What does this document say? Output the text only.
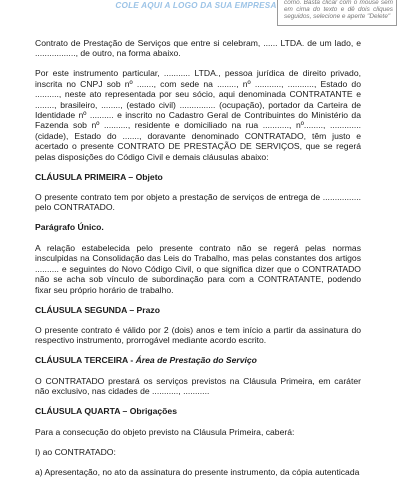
COLE AQUI A LOGO DA SUA EMPRESA	como. Basta clicar com o mouse sem em cima do texto e dê dois cliques seguidos, selecione e aperte "Delete"

Contrato de Prestação de Serviços que entre si celebram, ...... LTDA. de um lado, e ................., de outro, na forma abaixo.

Por este instrumento particular, ........... LTDA., pessoa jurídica de direito privado, inscrita no CNPJ sob nº ......., com sede na ........, nº ..........., ..........., Estado do .........., neste ato representada por seu sócio, aqui denominada CONTRATANTE e ........, brasileiro, ........, (estado civil) ............... (ocupação), portador da Carteira de Identidade nº .......... e inscrito no Cadastro Geral de Contribuintes do Ministério da Fazenda sob nº .........., residente e domiciliado na rua ..........., nº........, ............. (cidade), Estado do ......., doravante denominado CONTRATADO, têm justo e acertado o presente CONTRATO DE PRESTAÇÃO DE SERVIÇOS, que se regerá pelas disposições do Código Civil e demais cláusulas abaixo:

CLÁUSULA PRIMEIRA – Objeto

O presente contrato tem por objeto a prestação de serviços de entrega de ................ pelo CONTRATADO.

Parágrafo Único.

A relação estabelecida pelo presente contrato não se regerá pelas normas insculpidas na Consolidação das Leis do Trabalho, mas pelas constantes dos artigos .......... e seguintes do Novo Código Civil, o que significa dizer que o CONTRATADO não se acha sob vínculo de subordinação para com a CONTRATANTE, podendo fixar seu próprio horário de trabalho.

CLÁUSULA SEGUNDA – Prazo

O presente contrato é válido por 2 (dois) anos e tem início a partir da assinatura do respectivo instrumento, prorrogável mediante acordo escrito.

CLÁUSULA TERCEIRA - Área de Prestação do Serviço

O CONTRATADO prestará os serviços previstos na Cláusula Primeira, em caráter não exclusivo, nas cidades de ..........., ...........

CLÁUSULA QUARTA – Obrigações

Para a consecução do objeto previsto na Cláusula Primeira, caberá:

I) ao CONTRATADO:

a) Apresentação, no ato da assinatura do presente instrumento, da cópia autenticada
